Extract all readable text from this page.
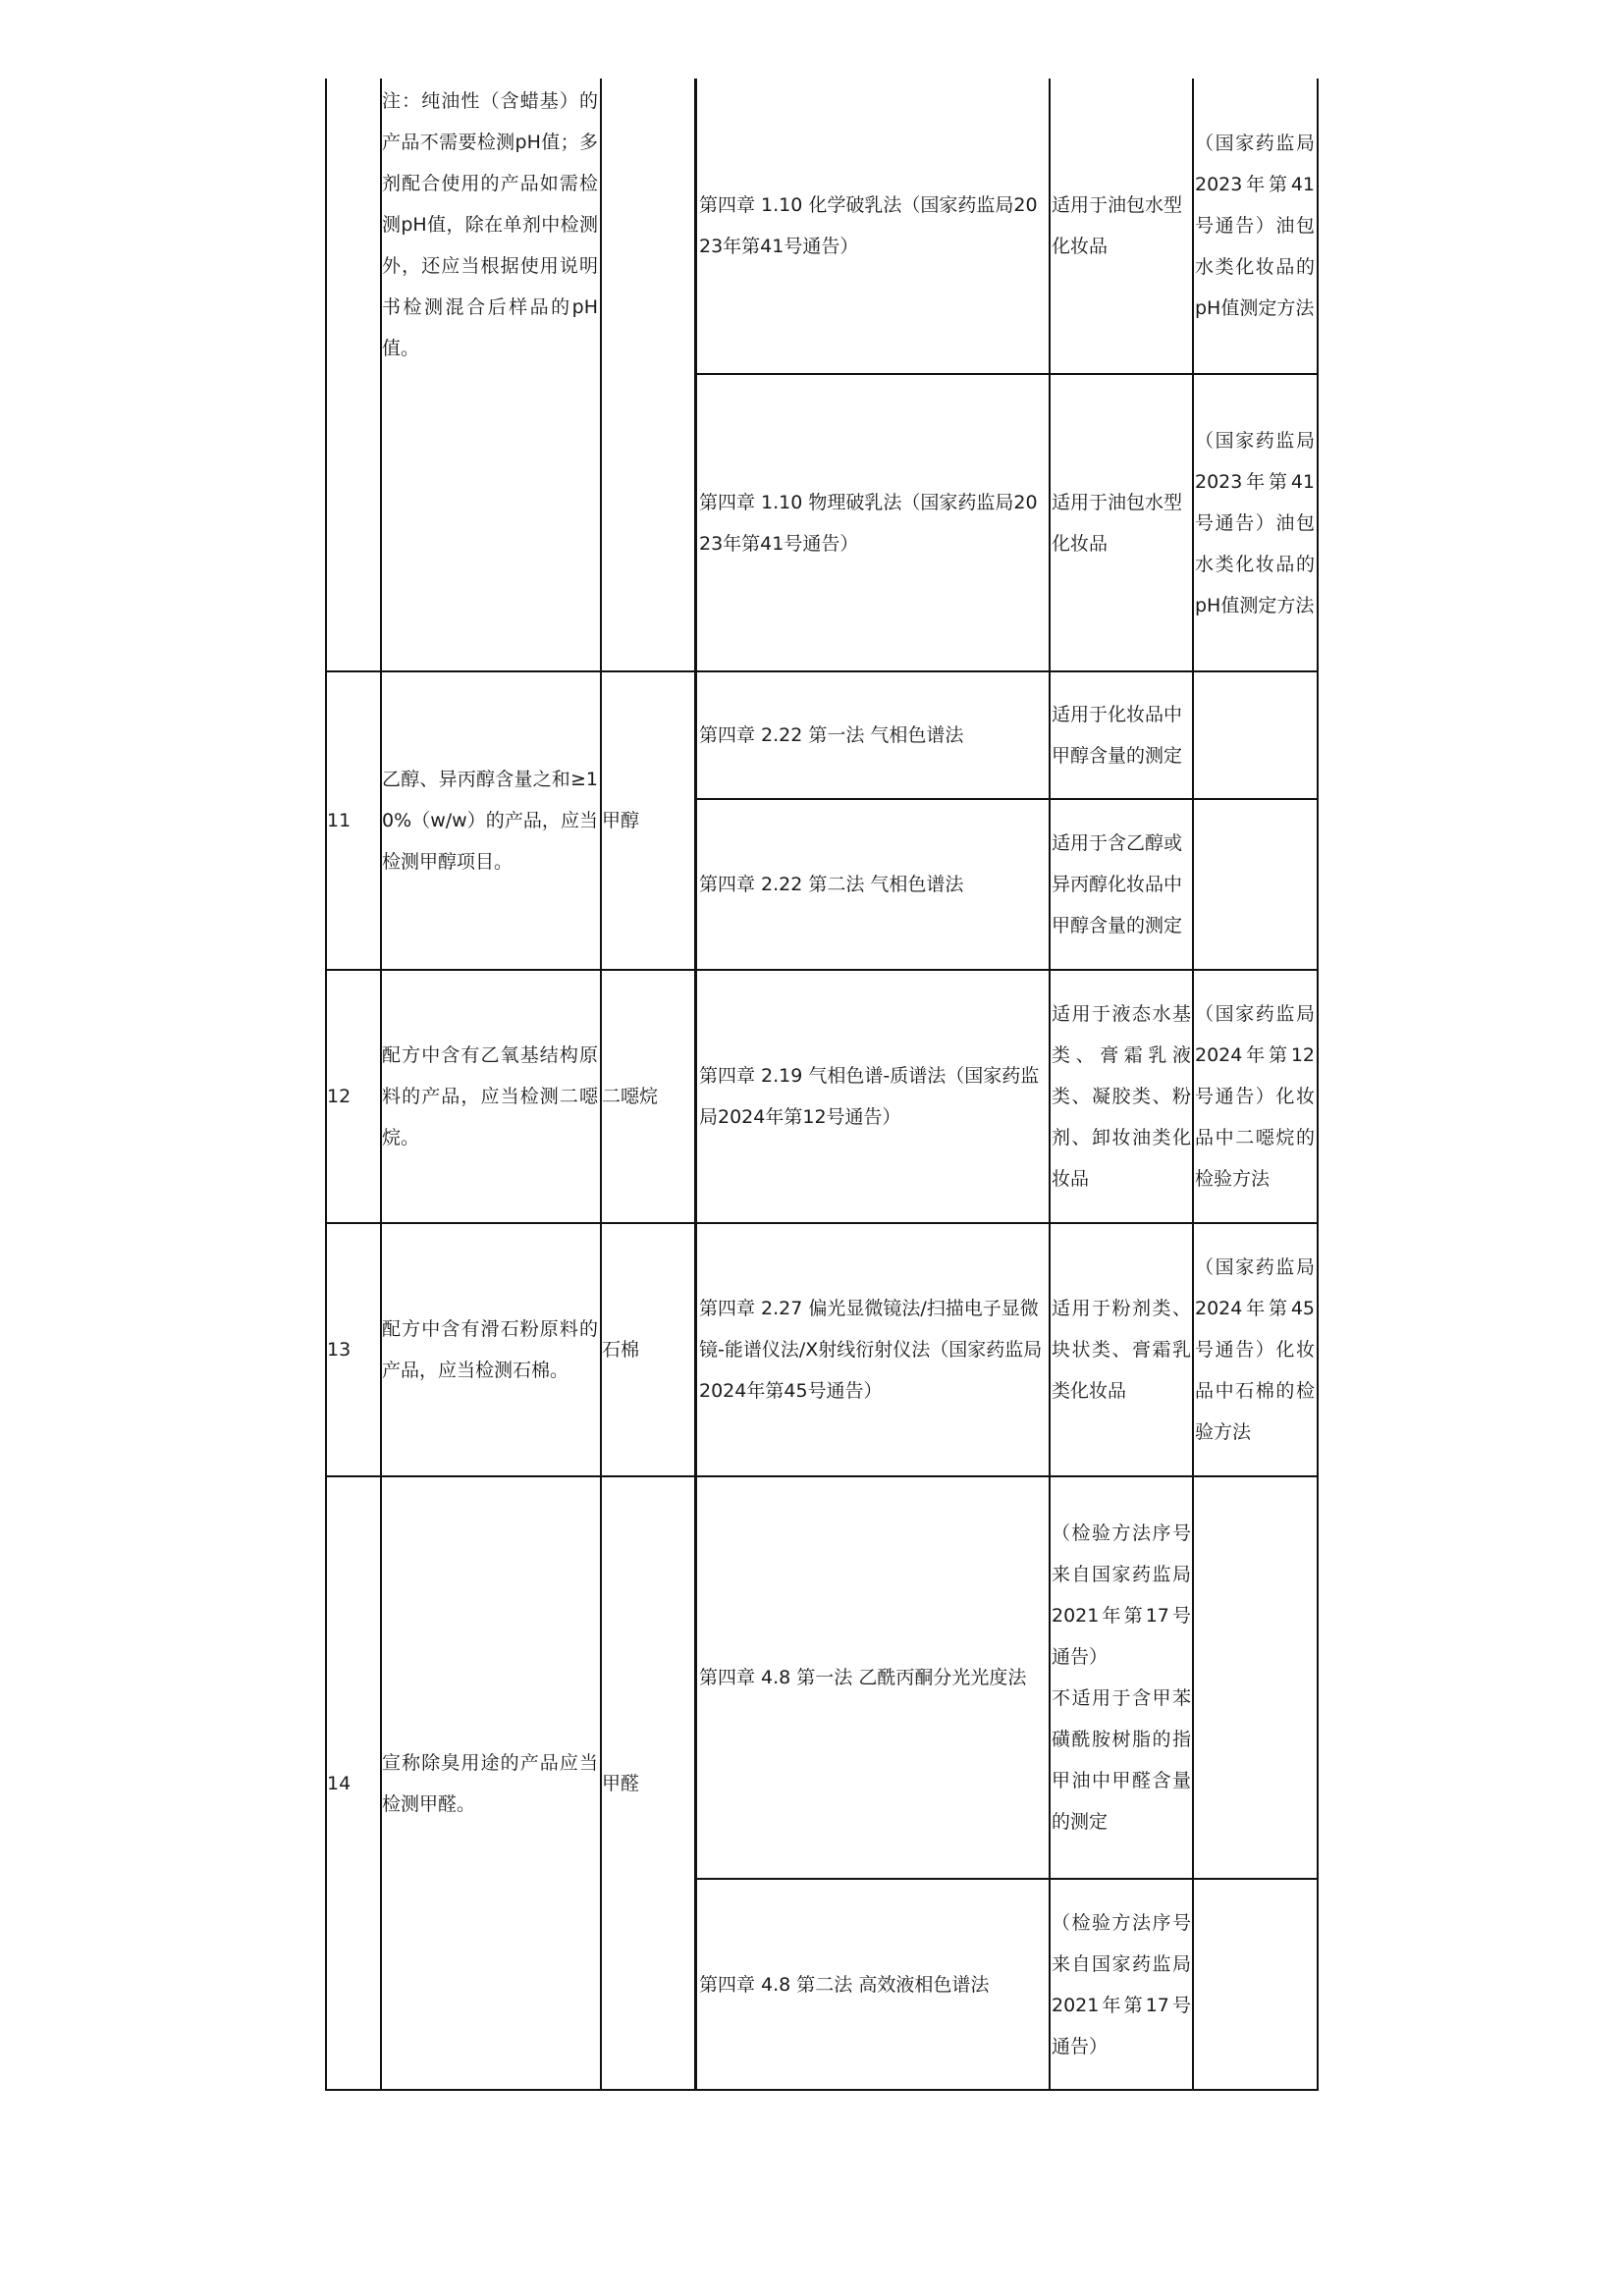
注：纯油性（含蜡基）的产品不需要检测pH值；多剂配合使用的产品如需检测pH值，除在单剂中检测外，还应当根据使用说明书检测混合后样品的pH值。
第四章 1.10 化学破乳法（国家药监局2023年第41号通告）
适用于油包水型化妆品
（国家药监局2023年第41号通告）油包水类化妆品的pH值测定方法
第四章 1.10 物理破乳法（国家药监局2023年第41号通告）
适用于油包水型化妆品
（国家药监局2023年第41号通告）油包水类化妆品的pH值测定方法
11
乙醇、异丙醇含量之和≥10%（w/w）的产品，应当检测甲醇项目。
甲醇
第四章 2.22 第一法 气相色谱法
适用于化妆品中甲醇含量的测定
第四章 2.22 第二法 气相色谱法
适用于含乙醇或异丙醇化妆品中甲醇含量的测定
12
配方中含有乙氧基结构原料的产品，应当检测二噁烷。
二噁烷
第四章 2.19 气相色谱-质谱法（国家药监局2024年第12号通告）
适用于液态水基类、膏霜乳液类、凝胶类、粉剂、卸妆油类化妆品
（国家药监局2024年第12号通告）化妆品中二噁烷的检验方法
13
配方中含有滑石粉原料的产品，应当检测石棉。
石棉
第四章 2.27 偏光显微镜法/扫描电子显微镜-能谱仪法/X射线衍射仪法（国家药监局2024年第45号通告）
适用于粉剂类、块状类、膏霜乳类化妆品
（国家药监局2024年第45号通告）化妆品中石棉的检验方法
14
宣称除臭用途的产品应当检测甲醛。
甲醛
第四章 4.8 第一法 乙酰丙酮分光光度法
（检验方法序号来自国家药监局2021年第17号通告）
不适用于含甲苯磺酰胺树脂的指甲油中甲醛含量的测定
第四章 4.8 第二法 高效液相色谱法
（检验方法序号来自国家药监局2021年第17号通告）
